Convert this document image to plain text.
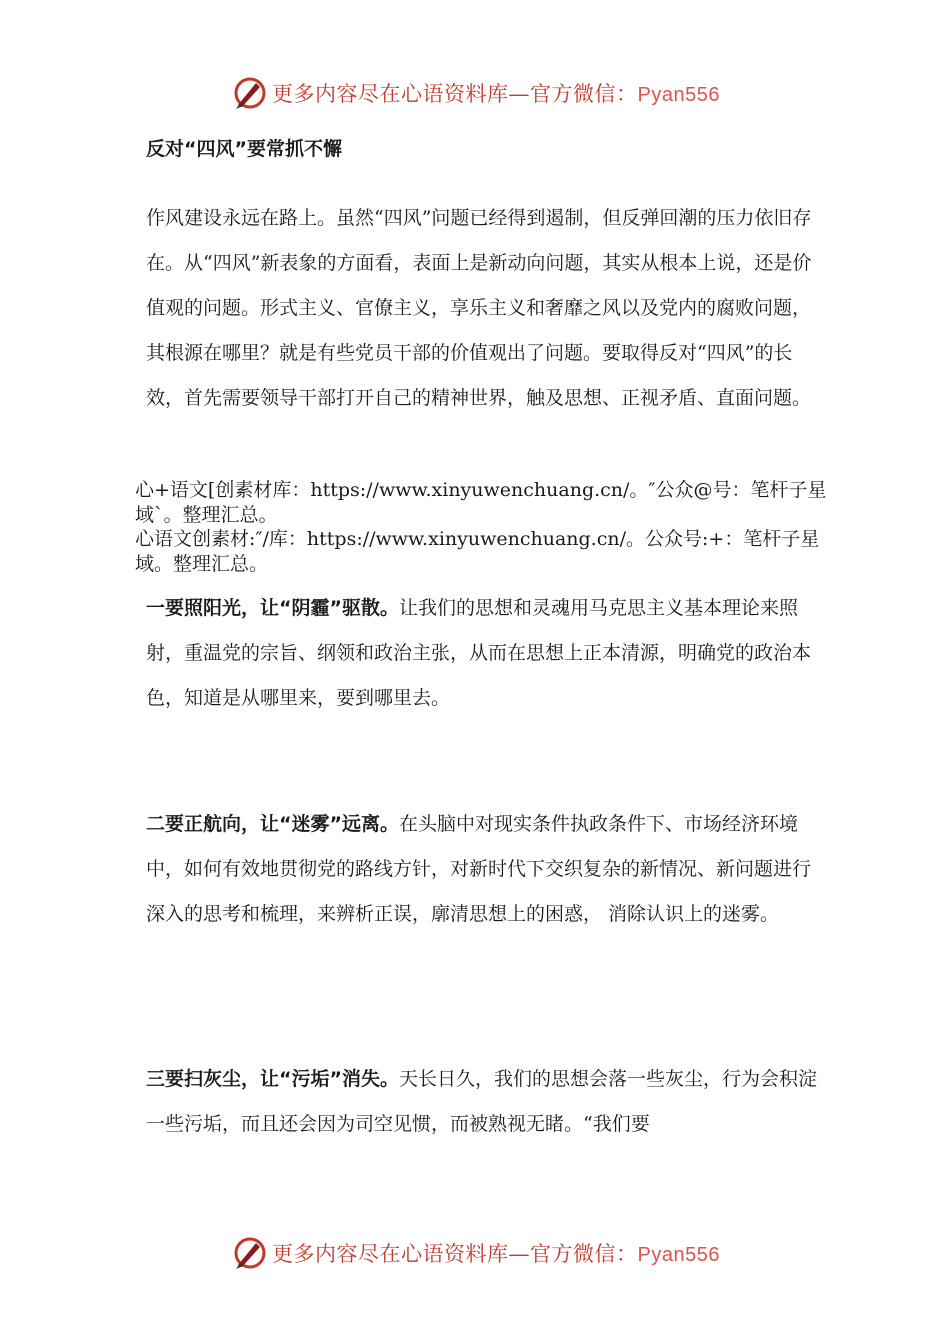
更多内容尽在心语资料库—官方微信：Pyan556
反对“四风”要常抓不懈

作风建设永远在路上。虽然“四风”问题已经得到遏制，但反弹回潮的压力依旧存在。从“四风”新表象的方面看，表面上是新动向问题，其实从根本上说，还是价值观的问题。形式主义、官僚主义，享乐主义和奢靡之风以及党内的腐败问题，其根源在哪里？就是有些党员干部的价值观出了问题。要取得反对“四风”的长效，首先需要领导干部打开自己的精神世界，触及思想、正视矛盾、直面问题。

心+语文[创素材库：https://www.xinyuwenchuang.cn/。″公众@号：笔杆子星域`。整理汇总。

心语文创素材:″/库：https://www.xinyuwenchuang.cn/。公众号:+：笔杆子星域。整理汇总。

一要照阳光，让“阴霾”驱散。让我们的思想和灵魂用马克思主义基本理论来照射，重温党的宗旨、纲领和政治主张，从而在思想上正本清源，明确党的政治本色，知道是从哪里来，要到哪里去。

二要正航向，让“迷雾”远离。在头脑中对现实条件执政条件下、市场经济环境中，如何有效地贯彻党的路线方针，对新时代下交织复杂的新情况、新问题进行深入的思考和梳理，来辨析正误，廓清思想上的困惑， 消除认识上的迷雾。

三要扫灰尘，让“污垢”消失。天长日久，我们的思想会落一些灰尘，行为会积淀一些污垢，而且还会因为司空见惯，而被熟视无睹。“我们要

更多内容尽在心语资料库—官方微信：Pyan556
